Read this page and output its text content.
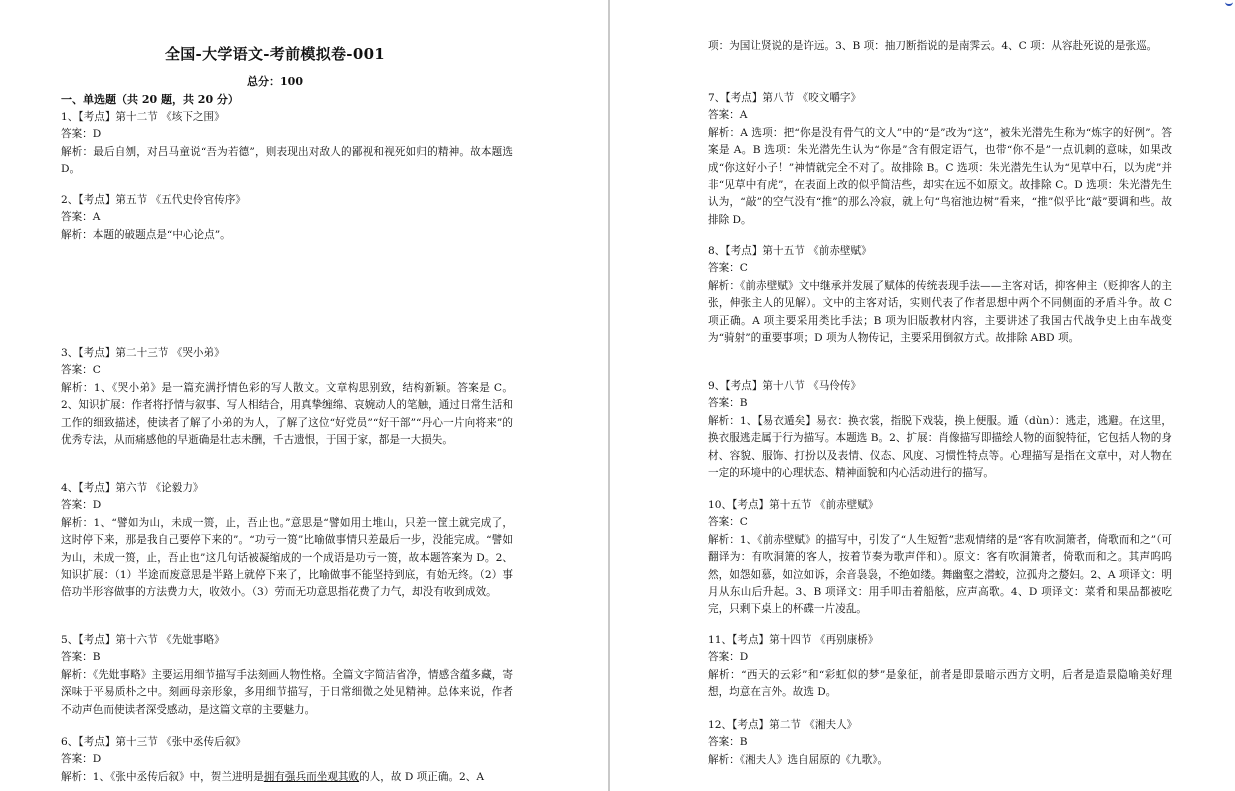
全国-大学语文-考前模拟卷-001
总分：100
一、单选题（共 20 题，共 20 分）
1、【考点】第十二节 《垓下之围》
答案：D
解析：最后自刎，对吕马童说“吾为若德”，则表现出对敌人的鄙视和视死如归的精神。故本题选 D。
2、【考点】第五节 《五代史伶官传序》
答案：A
解析：本题的破题点是“中心论点”。
3、【考点】第二十三节 《哭小弟》
答案：C
解析：1、《哭小弟》是一篇充满抒情色彩的写人散文。文章构思别致，结构新颖。答案是 C。2、知识扩展：作者将抒情与叙事、写人相结合，用真挚缠绵、哀婉动人的笔触，通过日常生活和工作的细致描述，使读者了解了小弟的为人，了解了这位“好党员”“好干部”“丹心一片向将来”的优秀专法，从而痛感他的早逝确是壮志未酬，千古遗恨，于国于家，都是一大损失。
4、【考点】第六节 《论毅力》
答案：D
解析：1、“譬如为山，未成一篑，止，吾止也。”意思是“譬如用土堆山，只差一筐土就完成了，这时停下来，那是我自己要停下来的”。“功亏一篑”比喻做事情只差最后一步，没能完成。“譬如为山，未成一篑，止，吾止也”这几句话被凝缩成的一个成语是功亏一篑，故本题答案为 D。2、知识扩展：（1）半途而废意思是半路上就停下来了，比喻做事不能坚持到底，有始无终。（2）事倍功半形容做事的方法费力大，收效小。（3）劳而无功意思指花费了力气，却没有收到成效。
5、【考点】第十六节 《先妣事略》
答案：B
解析：《先妣事略》主要运用细节描写手法刻画人物性格。全篇文字简洁省净，情感含蕴多藏，寄深味于平易质朴之中。刻画母亲形象，多用细节描写，于日常细微之处见精神。总体来说，作者不动声色而使读者深受感动，是这篇文章的主要魅力。
6、【考点】第十三节 《张中丞传后叙》
答案：D
解析：1、《张中丞传后叙》中，贺兰进明是拥有强兵而坐观其败的人，故 D 项正确。2、A
项：为国让贤说的是许远。3、B 项：抽刀断指说的是南霁云。4、C 项：从容赴死说的是张巡。
7、【考点】第八节 《咬文嚼字》
答案：A
解析：A 选项：把“你是没有骨气的文人”中的“是”改为“这”，被朱光潜先生称为“炼字的好例”。答案是 A。B 选项：朱光潜先生认为“你是”含有假定语气，也带“你不是”一点讥刺的意味，如果改成“你这好小子！”神情就完全不对了。故排除 B。C 选项：朱光潜先生认为“见草中石，以为虎”并非“见草中有虎”，在表面上改的似乎简洁些，却实在远不如原文。故排除 C。D 选项：朱光潜先生认为，“敲”的空气没有“推”的那么冷寂，就上句“鸟宿池边树”看来，“推”似乎比“敲”要调和些。故排除 D。
8、【考点】第十五节 《前赤壁赋》
答案：C
解析：《前赤壁赋》文中继承并发展了赋体的传统表现手法——主客对话，抑客伸主（贬抑客人的主张，伸张主人的见解）。文中的主客对话，实则代表了作者思想中两个不同侧面的矛盾斗争。故 C 项正确。A 项主要采用类比手法；B 项为旧版教材内容，主要讲述了我国古代战争史上由车战变为“骑射”的重要事项；D 项为人物传记，主要采用倒叙方式。故排除 ABD 项。
9、【考点】第十八节 《马伶传》
答案：B
解析：1、【易衣遁矣】易衣：换衣裳，指脱下戏装，换上便服。遁（dùn）：逃走，逃避。在这里，换衣服逃走属于行为描写。本题选 B。2、扩展：肖像描写即描绘人物的面貌特征，它包括人物的身材、容貌、服饰、打扮以及表情、仪态、风度、习惯性特点等。心理描写是指在文章中，对人物在一定的环境中的心理状态、精神面貌和内心活动进行的描写。
10、【考点】第十五节 《前赤壁赋》
答案：C
解析：1、《前赤壁赋》的描写中，引发了“人生短暂”悲观情绪的是“客有吹洞箫者，倚歌而和之”（可翻译为：有吹洞箫的客人，按着节奏为歌声伴和）。原文：客有吹洞箫者，倚歌而和之。其声呜呜然，如怨如慕，如泣如诉，余音袅袅，不绝如缕。舞幽壑之潜蛟，泣孤舟之嫠妇。2、A 项译文：明月从东山后升起。3、B 项译文：用手叩击着船舷，应声高歌。4、D 项译文：菜肴和果品都被吃完，只剩下桌上的杯碟一片凌乱。
11、【考点】第十四节 《再别康桥》
答案：D
解析：“西天的云彩”和“彩虹似的梦”是象征，前者是即景暗示西方文明，后者是造景隐喻美好理想，均意在言外。故选 D。
12、【考点】第二节 《湘夫人》
答案：B
解析：《湘夫人》选自屈原的《九歌》。
